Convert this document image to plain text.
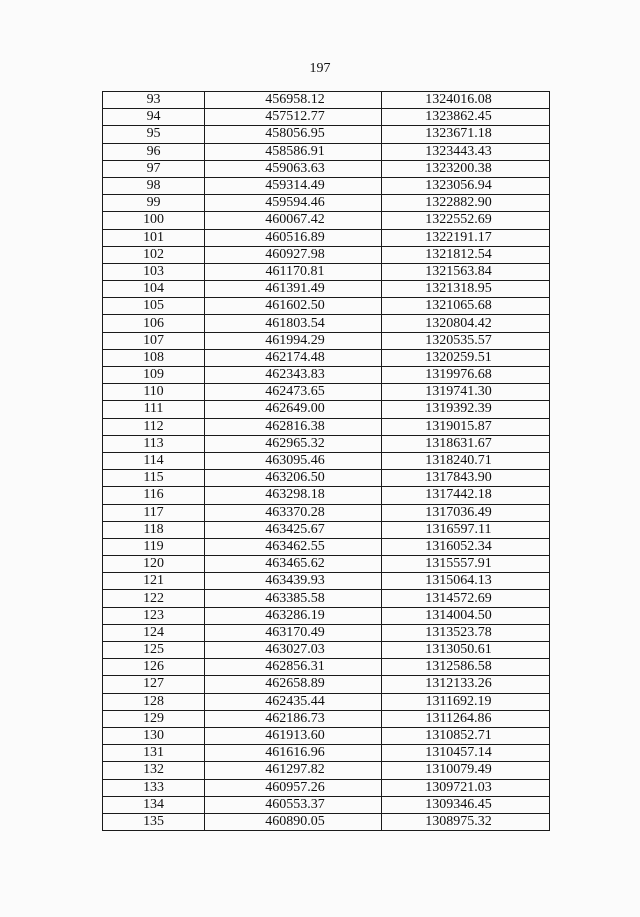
197
93	456958.12	1324016.08
94	457512.77	1323862.45
95	458056.95	1323671.18
96	458586.91	1323443.43
97	459063.63	1323200.38
98	459314.49	1323056.94
99	459594.46	1322882.90
100	460067.42	1322552.69
101	460516.89	1322191.17
102	460927.98	1321812.54
103	461170.81	1321563.84
104	461391.49	1321318.95
105	461602.50	1321065.68
106	461803.54	1320804.42
107	461994.29	1320535.57
108	462174.48	1320259.51
109	462343.83	1319976.68
110	462473.65	1319741.30
111	462649.00	1319392.39
112	462816.38	1319015.87
113	462965.32	1318631.67
114	463095.46	1318240.71
115	463206.50	1317843.90
116	463298.18	1317442.18
117	463370.28	1317036.49
118	463425.67	1316597.11
119	463462.55	1316052.34
120	463465.62	1315557.91
121	463439.93	1315064.13
122	463385.58	1314572.69
123	463286.19	1314004.50
124	463170.49	1313523.78
125	463027.03	1313050.61
126	462856.31	1312586.58
127	462658.89	1312133.26
128	462435.44	1311692.19
129	462186.73	1311264.86
130	461913.60	1310852.71
131	461616.96	1310457.14
132	461297.82	1310079.49
133	460957.26	1309721.03
134	460553.37	1309346.45
135	460890.05	1308975.32
